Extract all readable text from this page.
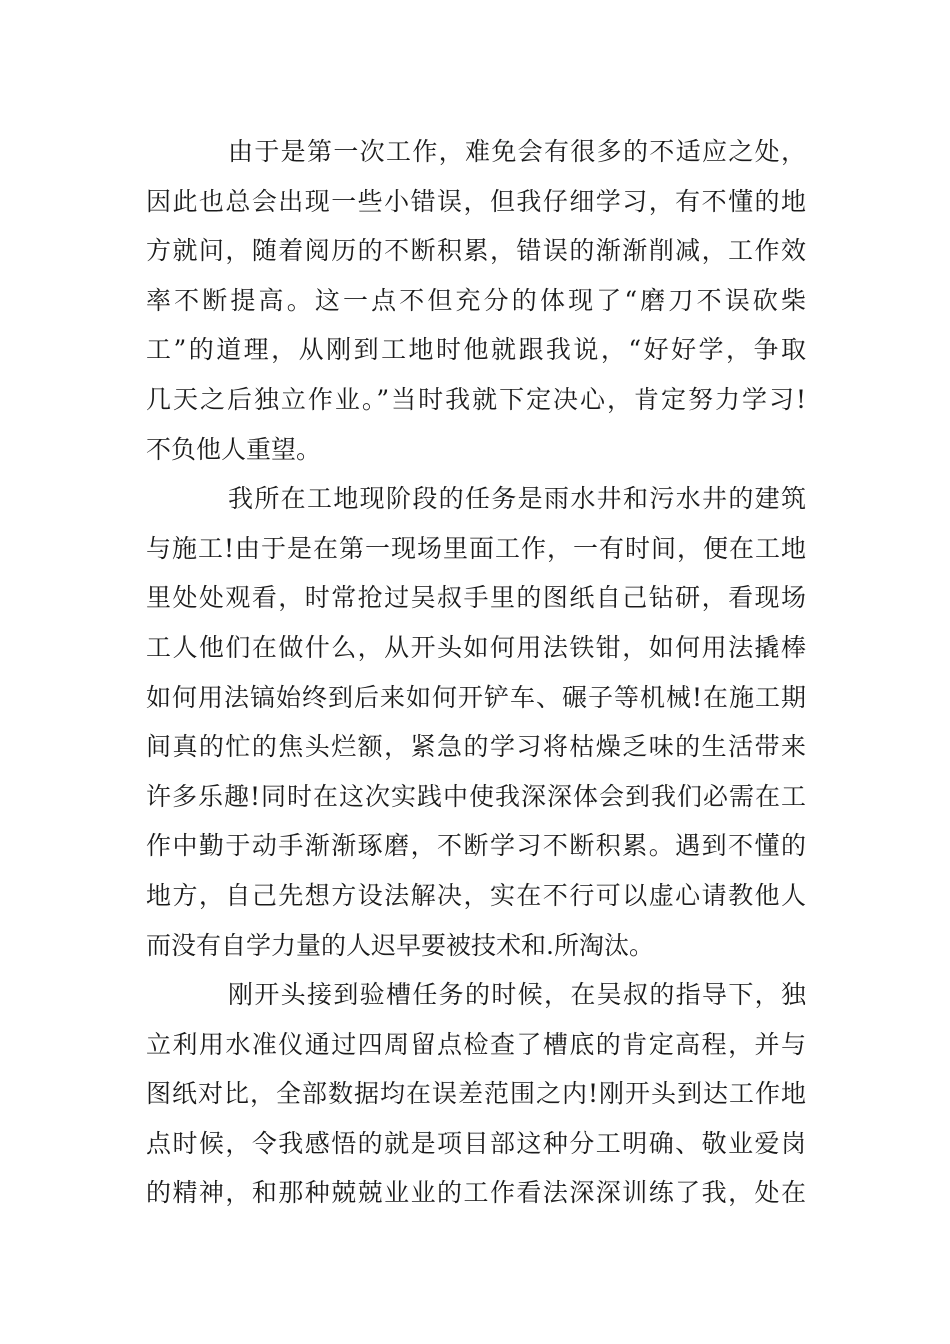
由于是第一次工作，难免会有很多的不适应之处，
因此也总会出现一些小错误，但我仔细学习，有不懂的地
方就问，随着阅历的不断积累，错误的渐渐削减，工作效
率不断提高。这一点不但充分的体现了“磨刀不误砍柴
工”的道理，从刚到工地时他就跟我说，“好好学，争取
几天之后独立作业。”当时我就下定决心，肯定努力学习!
不负他人重望。
我所在工地现阶段的任务是雨水井和污水井的建筑
与施工!由于是在第一现场里面工作，一有时间，便在工地
里处处观看，时常抢过吴叔手里的图纸自己钻研，看现场
工人他们在做什么，从开头如何用法铁钳，如何用法撬棒
如何用法镐始终到后来如何开铲车、碾子等机械!在施工期
间真的忙的焦头烂额，紧急的学习将枯燥乏味的生活带来
许多乐趣!同时在这次实践中使我深深体会到我们必需在工
作中勤于动手渐渐琢磨，不断学习不断积累。遇到不懂的
地方，自己先想方设法解决，实在不行可以虚心请教他人
而没有自学力量的人迟早要被技术和.所淘汰。
刚开头接到验槽任务的时候，在吴叔的指导下，独
立利用水准仪通过四周留点检查了槽底的肯定高程，并与
图纸对比，全部数据均在误差范围之内!刚开头到达工作地
点时候，令我感悟的就是项目部这种分工明确、敬业爱岗
的精神，和那种兢兢业业的工作看法深深训练了我，处在
